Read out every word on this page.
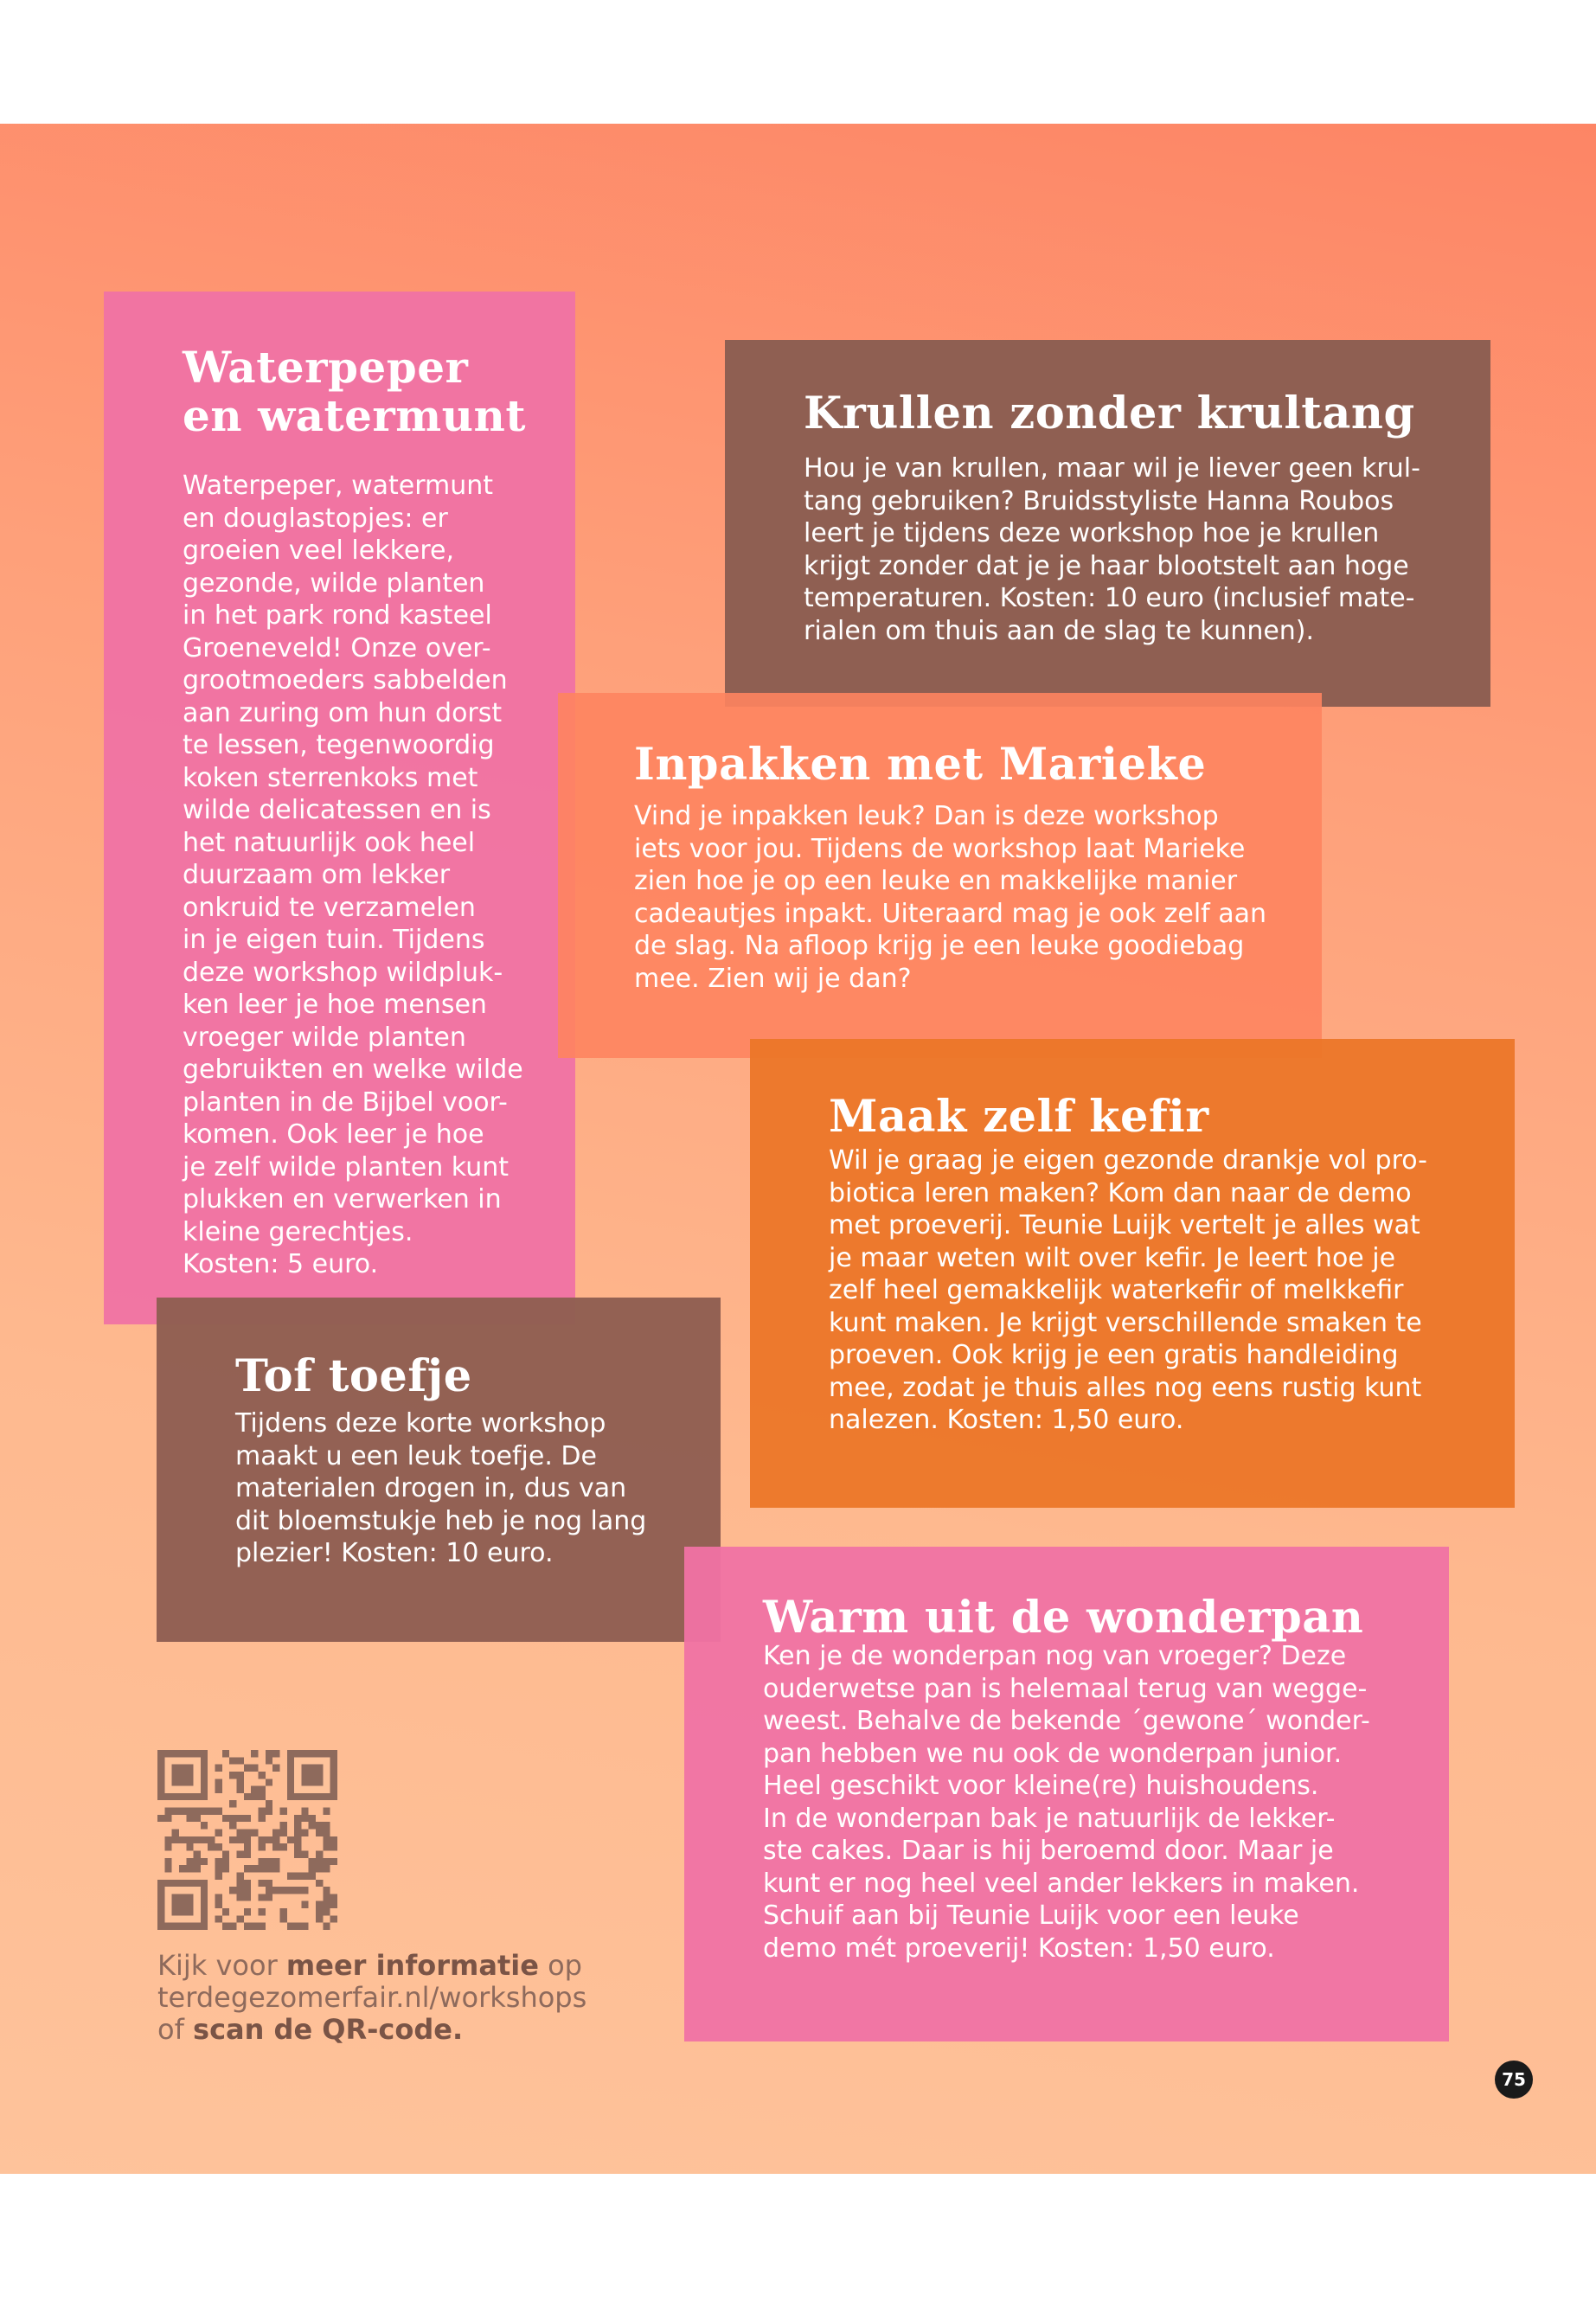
Waterpeper
en watermunt

Waterpeper, watermunt
en douglastopjes: er
groeien veel lekkere,
gezonde, wilde planten
in het park rond kasteel
Groeneveld! Onze over-
grootmoeders sabbelden
aan zuring om hun dorst
te lessen, tegenwoordig
koken sterrenkoks met
wilde delicatessen en is
het natuurlijk ook heel
duurzaam om lekker
onkruid te verzamelen
in je eigen tuin. Tijdens
deze workshop wildpluk-
ken leer je hoe mensen
vroeger wilde planten
gebruikten en welke wilde
planten in de Bijbel voor-
komen. Ook leer je hoe
je zelf wilde planten kunt
plukken en verwerken in
kleine gerechtjes.
Kosten: 5 euro.

Krullen zonder krultang

Hou je van krullen, maar wil je liever geen krul-
tang gebruiken? Bruidsstyliste Hanna Roubos
leert je tijdens deze workshop hoe je krullen
krijgt zonder dat je je haar blootstelt aan hoge
temperaturen. Kosten: 10 euro (inclusief mate-
rialen om thuis aan de slag te kunnen).

Inpakken met Marieke

Vind je inpakken leuk? Dan is deze workshop
iets voor jou. Tijdens de workshop laat Marieke
zien hoe je op een leuke en makkelijke manier
cadeautjes inpakt. Uiteraard mag je ook zelf aan
de slag. Na afloop krijg je een leuke goodiebag
mee. Zien wij je dan?

Maak zelf kefir

Wil je graag je eigen gezonde drankje vol pro-
biotica leren maken? Kom dan naar de demo
met proeverij. Teunie Luijk vertelt je alles wat
je maar weten wilt over kefir. Je leert hoe je
zelf heel gemakkelijk waterkefir of melkkefir
kunt maken. Je krijgt verschillende smaken te
proeven. Ook krijg je een gratis handleiding
mee, zodat je thuis alles nog eens rustig kunt
nalezen. Kosten: 1,50 euro.

Tof toefje

Tijdens deze korte workshop
maakt u een leuk toefje. De
materialen drogen in, dus van
dit bloemstukje heb je nog lang
plezier! Kosten: 10 euro.

Warm uit de wonderpan

Ken je de wonderpan nog van vroeger? Deze
ouderwetse pan is helemaal terug van wegge-
weest. Behalve de bekende ´gewone´ wonder-
pan hebben we nu ook de wonderpan junior.
Heel geschikt voor kleine(re) huishoudens.
In de wonderpan bak je natuurlijk de lekker-
ste cakes. Daar is hij beroemd door. Maar je
kunt er nog heel veel ander lekkers in maken.
Schuif aan bij Teunie Luijk voor een leuke
demo mét proeverij! Kosten: 1,50 euro.

Kijk voor meer informatie op
terdegezomerfair.nl/workshops
of scan de QR-code.
75
